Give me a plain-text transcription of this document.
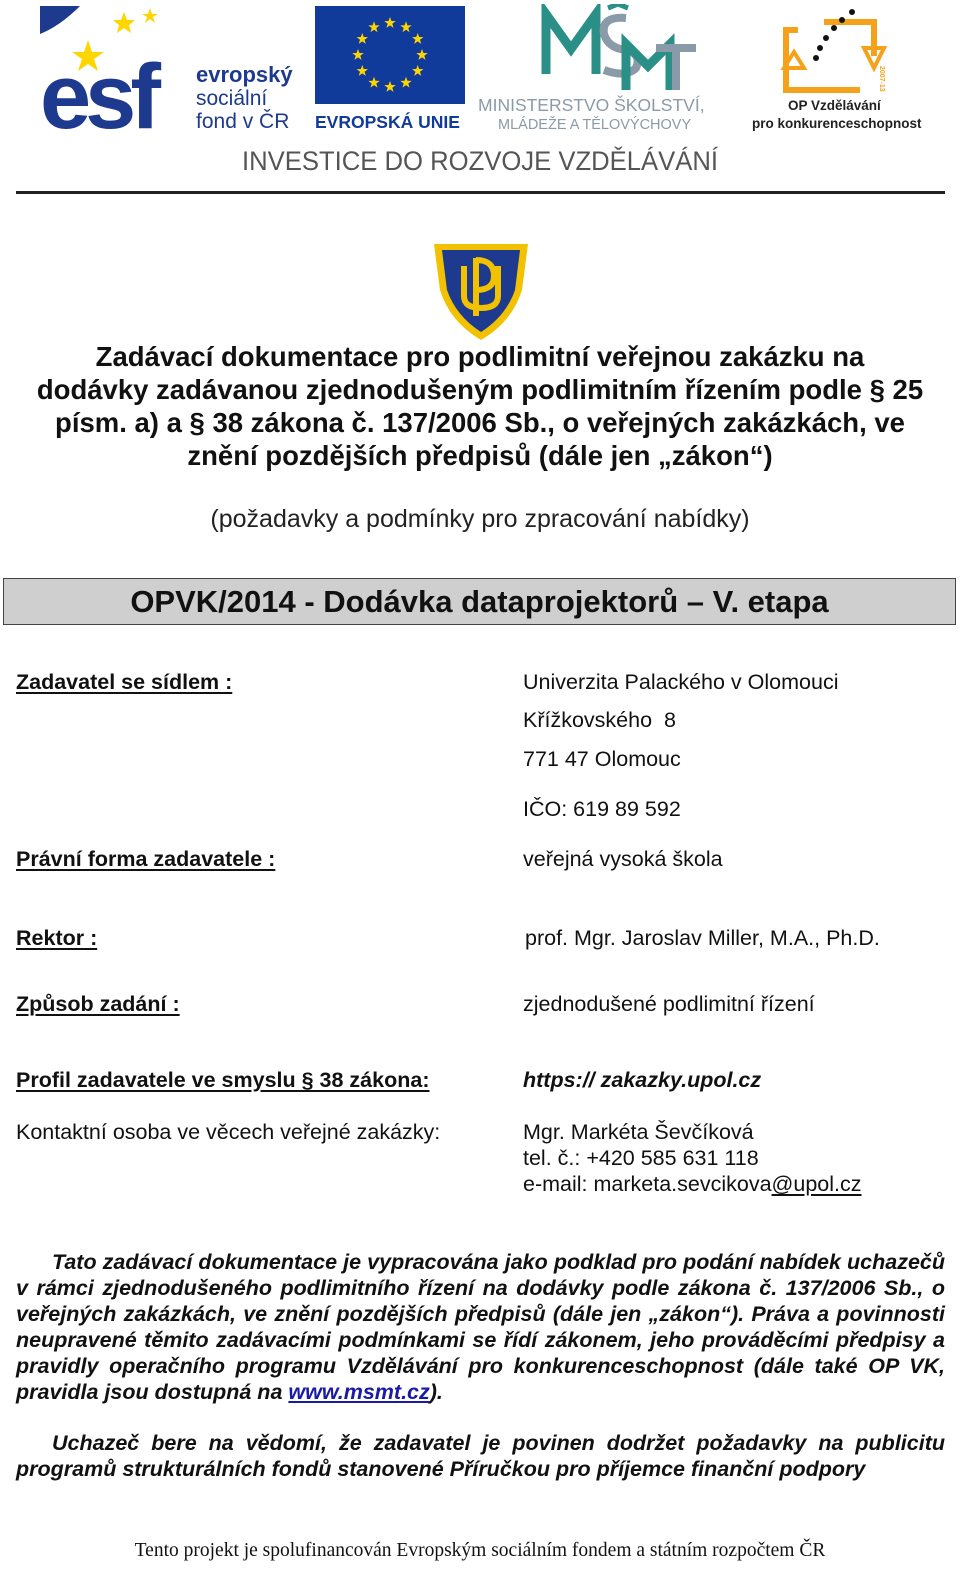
esf evropský
sociální
fond v ČR EVROPSKÁ UNIE
MINISTERSTVO ŠKOLSTVÍ,
MLÁDEŽE A TĚLOVÝCHOVY
2007-13
OP Vzdělávání
pro konkurenceschopnost
INVESTICE DO ROZVOJE VZDĚLÁVÁNÍ
Zadávací dokumentace pro podlimitní veřejnou zakázku na
dodávky zadávanou zjednodušeným podlimitním řízením podle § 25
písm. a) a § 38 zákona č. 137/2006 Sb., o veřejných zakázkách, ve
znění pozdějších předpisů (dále jen „zákon“)
(požadavky a podmínky pro zpracování nabídky)
OPVK/2014 - Dodávka dataprojektorů – V. etapa
Zadavatel se sídlem :	Univerzita Palackého v Olomouci
Křížkovského  8
771 47 Olomouc
IČO: 619 89 592
Právní forma zadavatele :	veřejná vysoká škola
Rektor :	prof. Mgr. Jaroslav Miller, M.A., Ph.D.
Způsob zadání :	zjednodušené podlimitní řízení
Profil zadavatele ve smyslu § 38 zákona:	https:// zakazky.upol.cz
Kontaktní osoba ve věcech veřejné zakázky:	Mgr. Markéta Ševčíková
tel. č.: +420 585 631 118
e-mail: marketa.sevcikova@upol.cz
Tato zadávací dokumentace je vypracována jako podklad pro podání nabídek uchazečů v rámci zjednodušeného podlimitního řízení na dodávky podle zákona č. 137/2006 Sb., o veřejných zakázkách, ve znění pozdějších předpisů (dále jen „zákon“). Práva a povinnosti neupravené těmito zadávacími podmínkami se řídí zákonem, jeho prováděcími předpisy a pravidly operačního programu Vzdělávání pro konkurenceschopnost (dále také OP VK, pravidla jsou dostupná na www.msmt.cz).
Uchazeč bere na vědomí, že zadavatel je povinen dodržet požadavky na publicitu programů strukturálních fondů stanovené Příručkou pro příjemce finanční podpory
Tento projekt je spolufinancován Evropským sociálním fondem a státním rozpočtem ČR
